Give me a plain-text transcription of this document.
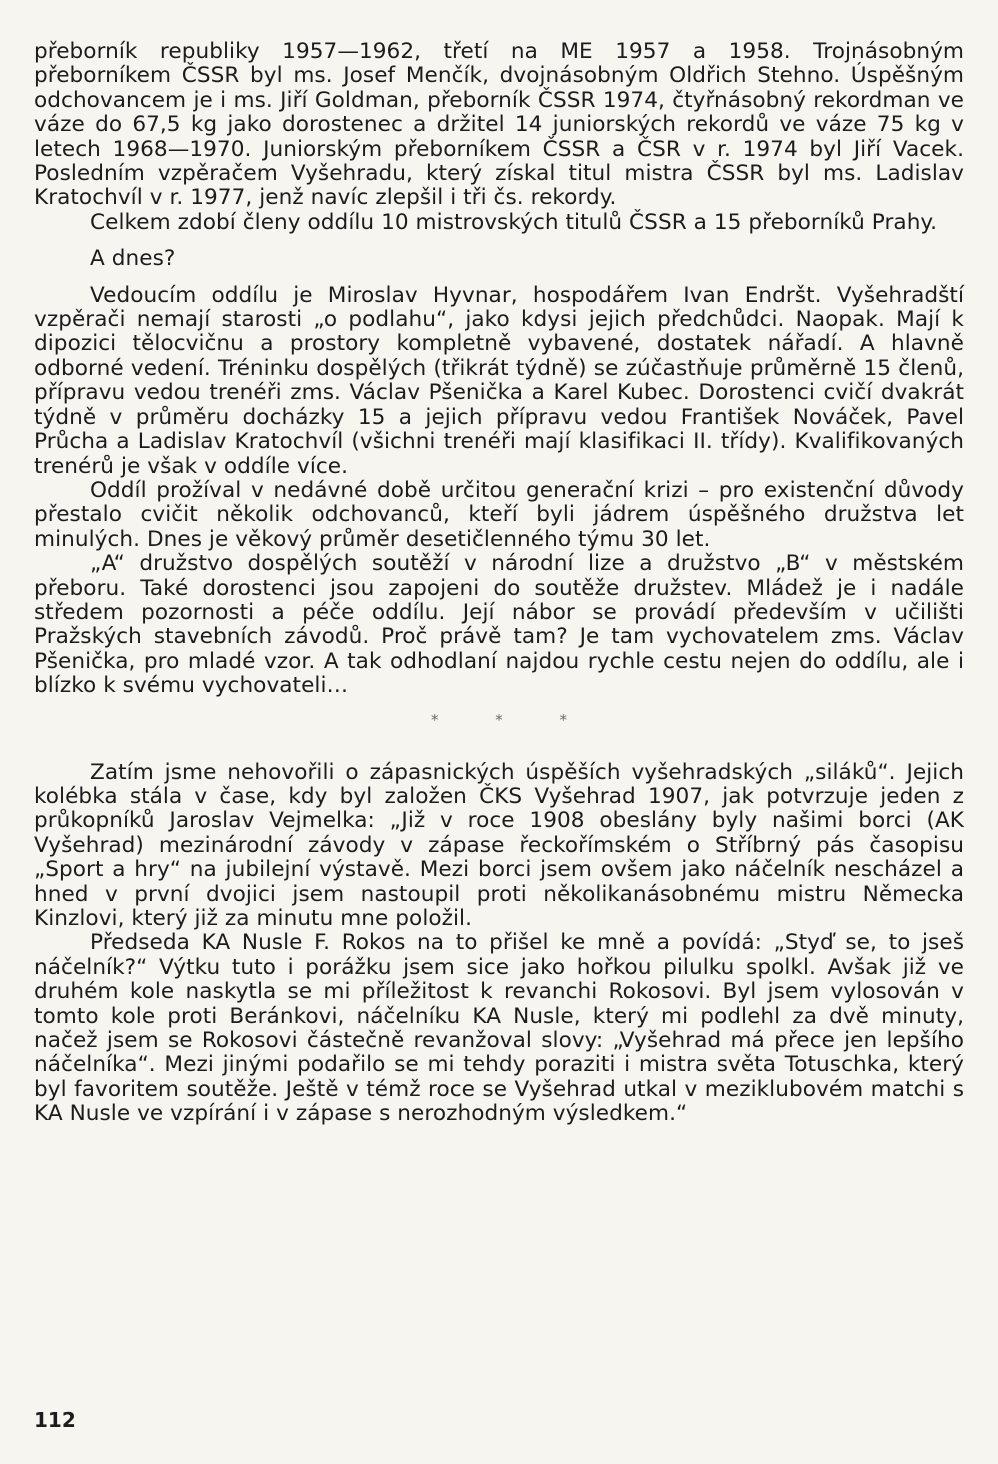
přeborník republiky 1957—1962, třetí na ME 1957 a 1958. Trojnásobným přeborníkem ČSSR byl ms. Josef Menčík, dvojnásobným Oldřich Stehno. Úspěšným odchovancem je i ms. Jiří Goldman, přeborník ČSSR 1974, čtyřnásobný rekordman ve váze do 67,5 kg jako dorostenec a držitel 14 juniorských rekordů ve váze 75 kg v letech 1968—1970. Juniorským přeborníkem ČSSR a ČSR v r. 1974 byl Jiří Vacek. Posledním vzpěračem Vyšehradu, který získal titul mistra ČSSR byl ms. Ladislav Kratochvíl v r. 1977, jenž navíc zlepšil i tři čs. rekordy.

Celkem zdobí členy oddílu 10 mistrovských titulů ČSSR a 15 přeborníků Prahy.

A dnes?

Vedoucím oddílu je Miroslav Hyvnar, hospodářem Ivan Endršt. Vyšehradští vzpěrači nemají starosti „o podlahu“, jako kdysi jejich předchůdci. Naopak. Mají k dipozici tělocvičnu a prostory kompletně vybavené, dostatek nářadí. A hlavně odborné vedení. Tréninku dospělých (třikrát týdně) se zúčastňuje průměrně 15 členů, přípravu vedou trenéři zms. Václav Pšenička a Karel Kubec. Dorostenci cvičí dvakrát týdně v průměru docházky 15 a jejich přípravu vedou František Nováček, Pavel Průcha a Ladislav Kratochvíl (všichni trenéři mají klasifikaci II. třídy). Kvalifikovaných trenérů je však v oddíle více.

Oddíl prožíval v nedávné době určitou generační krizi – pro existenční důvody přestalo cvičit několik odchovanců, kteří byli jádrem úspěšného družstva let minulých. Dnes je věkový průměr desetičlenného týmu 30 let.

„A“ družstvo dospělých soutěží v národní lize a družstvo „B“ v městském přeboru. Také dorostenci jsou zapojeni do soutěže družstev. Mládež je i nadále středem pozornosti a péče oddílu. Její nábor se provádí především v učilišti Pražských stavebních závodů. Proč právě tam? Je tam vychovatelem zms. Václav Pšenička, pro mladé vzor. A tak odhodlaní najdou rychle cestu nejen do oddílu, ale i blízko k svému vychovateli…

* * *

Zatím jsme nehovořili o zápasnických úspěších vyšehradských „siláků“. Jejich kolébka stála v čase, kdy byl založen ČKS Vyšehrad 1907, jak potvrzuje jeden z průkopníků Jaroslav Vejmelka: „Již v roce 1908 obeslány byly našimi borci (AK Vyšehrad) mezinárodní závody v zápase řeckořímském o Stříbrný pás časopisu „Sport a hry“ na jubilejní výstavě. Mezi borci jsem ovšem jako náčelník nescházel a hned v první dvojici jsem nastoupil proti několikanásobnému mistru Německa Kinzlovi, který již za minutu mne položil.

Předseda KA Nusle F. Rokos na to přišel ke mně a povídá: „Styď se, to jseš náčelník?“ Výtku tuto i porážku jsem sice jako hořkou pilulku spolkl. Avšak již ve druhém kole naskytla se mi příležitost k revanchi Rokosovi. Byl jsem vylosován v tomto kole proti Beránkovi, náčelníku KA Nusle, který mi podlehl za dvě minuty, načež jsem se Rokosovi částečně revanžoval slovy: „Vyšehrad má přece jen lepšího náčelníka“. Mezi jinými podařilo se mi tehdy poraziti i mistra světa Totuschka, který byl favoritem soutěže. Ještě v témž roce se Vyšehrad utkal v meziklubovém matchi s KA Nusle ve vzpírání i v zápase s nerozhodným výsledkem.“

112
